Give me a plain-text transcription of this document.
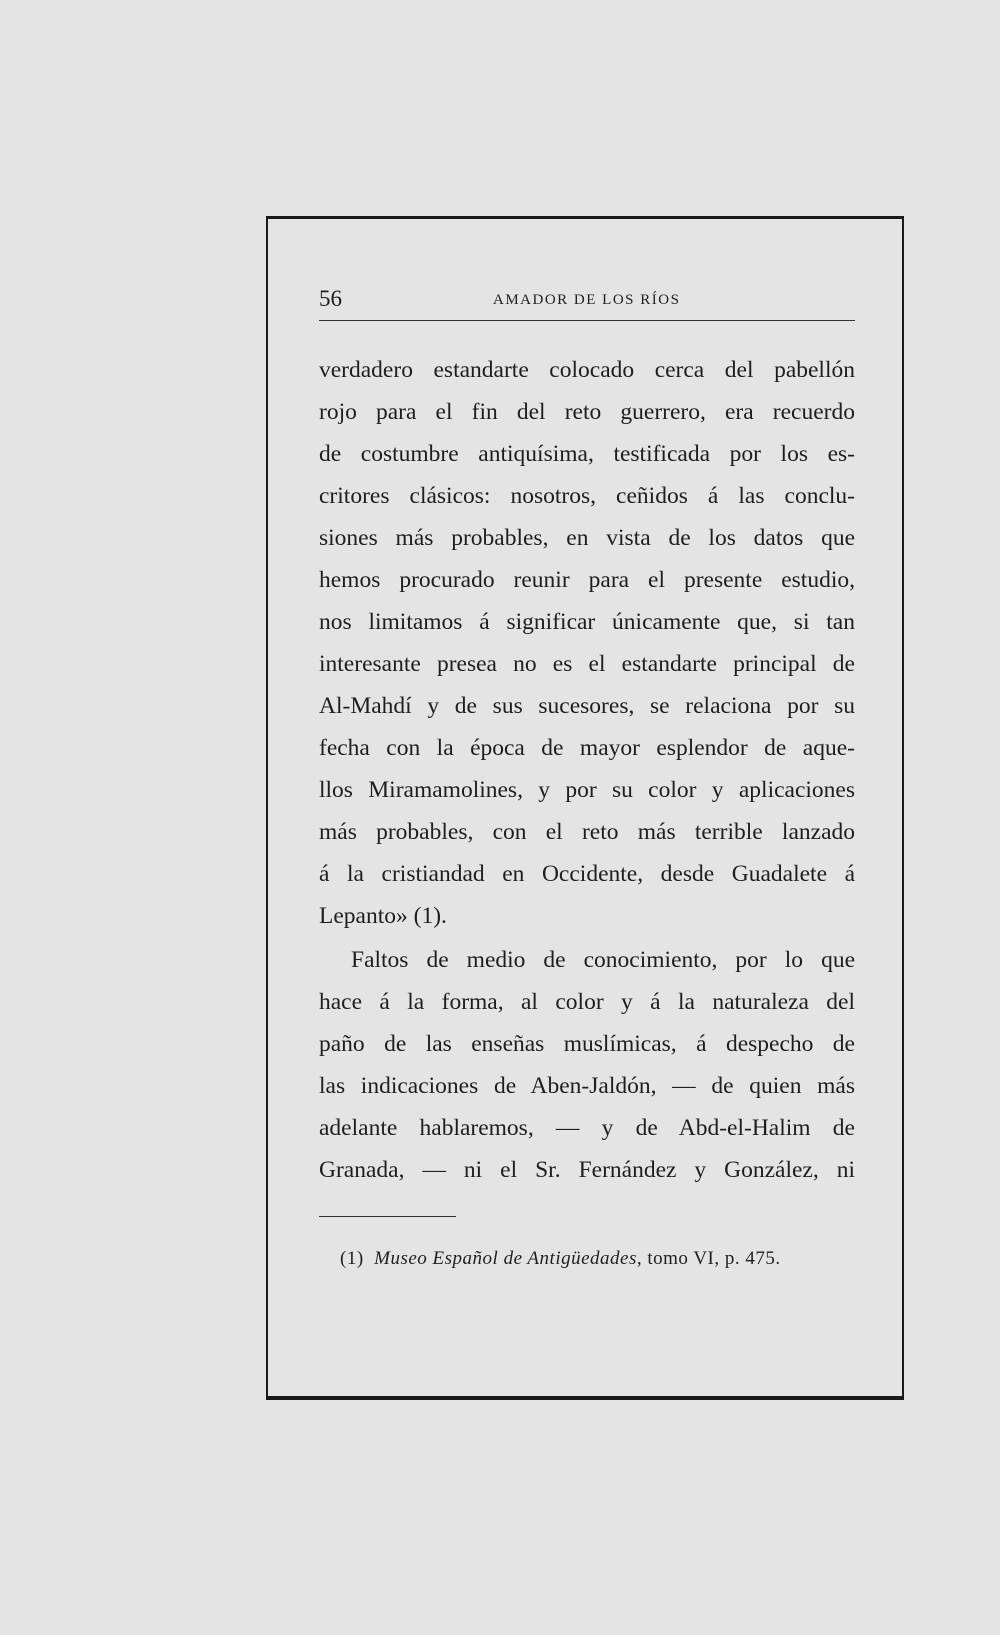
56	AMADOR DE LOS RÍOS
verdadero estandarte colocado cerca del pabellón
rojo para el fin del reto guerrero, era recuerdo
de costumbre antiquísima, testificada por los es-
critores clásicos: nosotros, ceñidos á las conclu-
siones más probables, en vista de los datos que
hemos procurado reunir para el presente estudio,
nos limitamos á significar únicamente que, si tan
interesante presea no es el estandarte principal de
Al-Mahdí y de sus sucesores, se relaciona por su
fecha con la época de mayor esplendor de aque-
llos Miramamolines, y por su color y aplicaciones
más probables, con el reto más terrible lanzado
á la cristiandad en Occidente, desde Guadalete á
Lepanto» (1).
Faltos de medio de conocimiento, por lo que
hace á la forma, al color y á la naturaleza del
paño de las enseñas muslímicas, á despecho de
las indicaciones de Aben-Jaldón, — de quien más
adelante hablaremos, — y de Abd-el-Halim de
Granada, — ni el Sr. Fernández y González, ni
(1) Museo Español de Antigüedades, tomo VI, p. 475.
